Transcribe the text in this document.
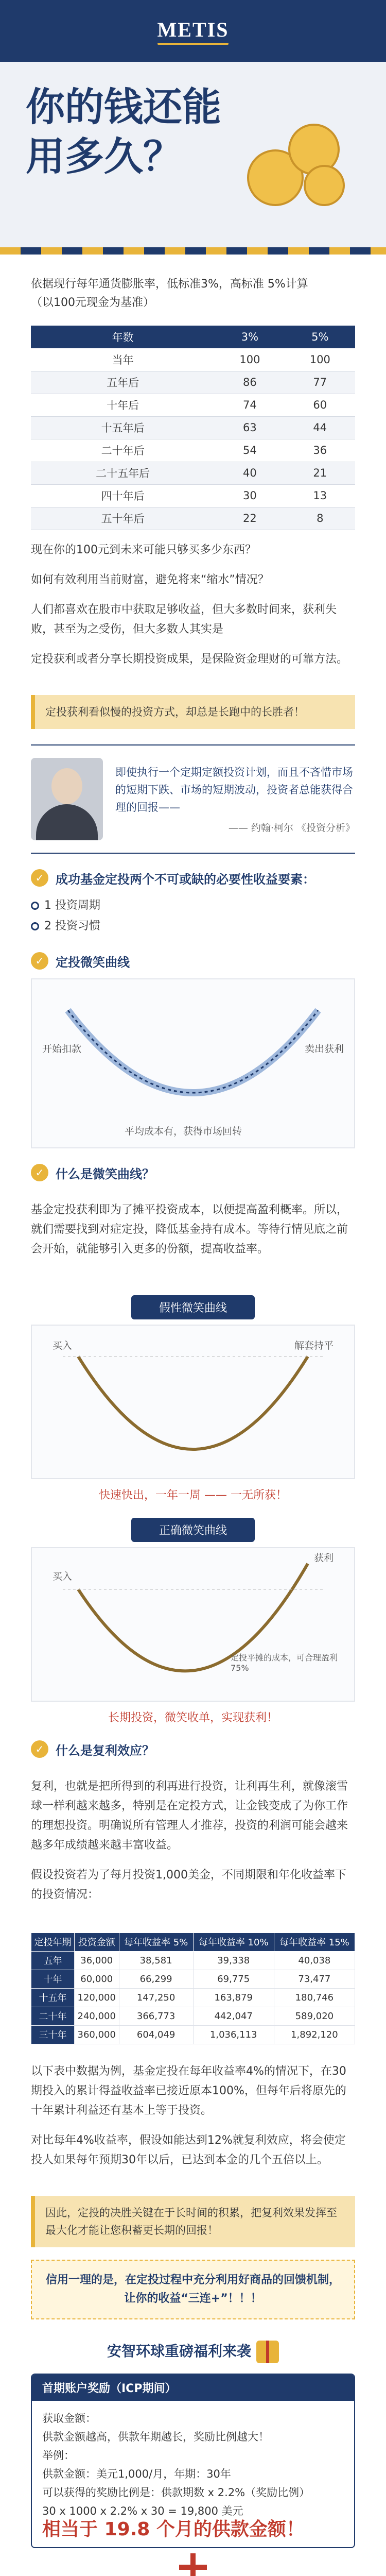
METIS
你的钱还能
用多久？

依据现行每年通货膨胀率，低标准3%，高标准 5%计算

（以100元现金为基准）

年数	3%	5%
当年	100	100
五年后	86	77
十年后	74	60
十五年后	63	44
二十年后	54	36
二十五年后	40	21
四十年后	30	13
五十年后	22	8

现在你的100元到未来可能只够买多少东西？

如何有效利用当前财富，避免将来“缩水”情况？

人们都喜欢在股市中获取足够收益，但大多数时间来，获利失败，甚至为之受伤，但大多数人其实是

定投获利或者分享长期投资成果，是保险资金理财的可靠方法。

定投获利看似慢的投资方式，却总是长跑中的长胜者！
即使执行一个定期定额投资计划，而且不吝惜市场的短期下跌、市场的短期波动，投资者总能获得合理的回报——
—— 约翰·柯尔 《投资分析》
✓ 成功基金定投两个不可或缺的必要性收益要素：
1 投资周期
2 投资习惯
✓ 定投微笑曲线
开始扣款	卖出获利
平均成本有，获得市场回转
✓ 什么是微笑曲线？

基金定投获利即为了摊平投资成本，以便提高盈利概率。所以，就们需要找到对症定投，降低基金持有成本。等待行情见底之前会开始，就能够引入更多的份额，提高收益率。

假性微笑曲线
买入	解套持平
快速快出，一年一周 —— 一无所获！
正确微笑曲线
买入
获利
定投平摊的成本，可合理盈利75%
长期投资，微笑收单，实现获利！
✓ 什么是复利效应？

复利，也就是把所得到的利再进行投资，让利再生利，就像滚雪球一样利越来越多，特别是在定投方式，让金钱变成了为你工作的理想投资。明确说所有管理人才推荐，投资的利润可能会越来越多年成绩越来越丰富收益。

假设投资若为了每月投资1,000美金，不同期限和年化收益率下的投资情况：

定投年期	投资金额	每年收益率 5%	每年收益率 10%	每年收益率 15%
五年	36,000	38,581	39,338	40,038
十年	60,000	66,299	69,775	73,477
十五年	120,000	147,250	163,879	180,746
二十年	240,000	366,773	442,047	589,020
三十年	360,000	604,049	1,036,113	1,892,120

以下表中数据为例，基金定投在每年收益率4%的情况下，在30期投入的累计得益收益率已接近原本100%，但每年后将原先的十年累计利益还有基本上等于投资。

对比每年4%收益率，假设如能达到12%就复利效应，将会使定投人如果每年预期30年以后，已达到本金的几个五倍以上。

因此，定投的决胜关键在于长时间的积累，把复利效果发挥至最大化才能让您积蓄更长期的回报！
信用一理的是，在定投过程中充分利用好商品的回馈机制，让你的收益“三连+”！！！
安智环球重磅福利来袭
首期账户奖励（ICP期间）
获取金额：
供款金额越高，供款年期越长，奖励比例越大！
举例：
供款金额：美元1,000/月，年期：30年
可以获得的奖励比例是：供款期数 x 2.2%（奖励比例）
30 x 1000 x 2.2% x 30 = 19,800 美元
相当于 19.8 个月的供款金额！
